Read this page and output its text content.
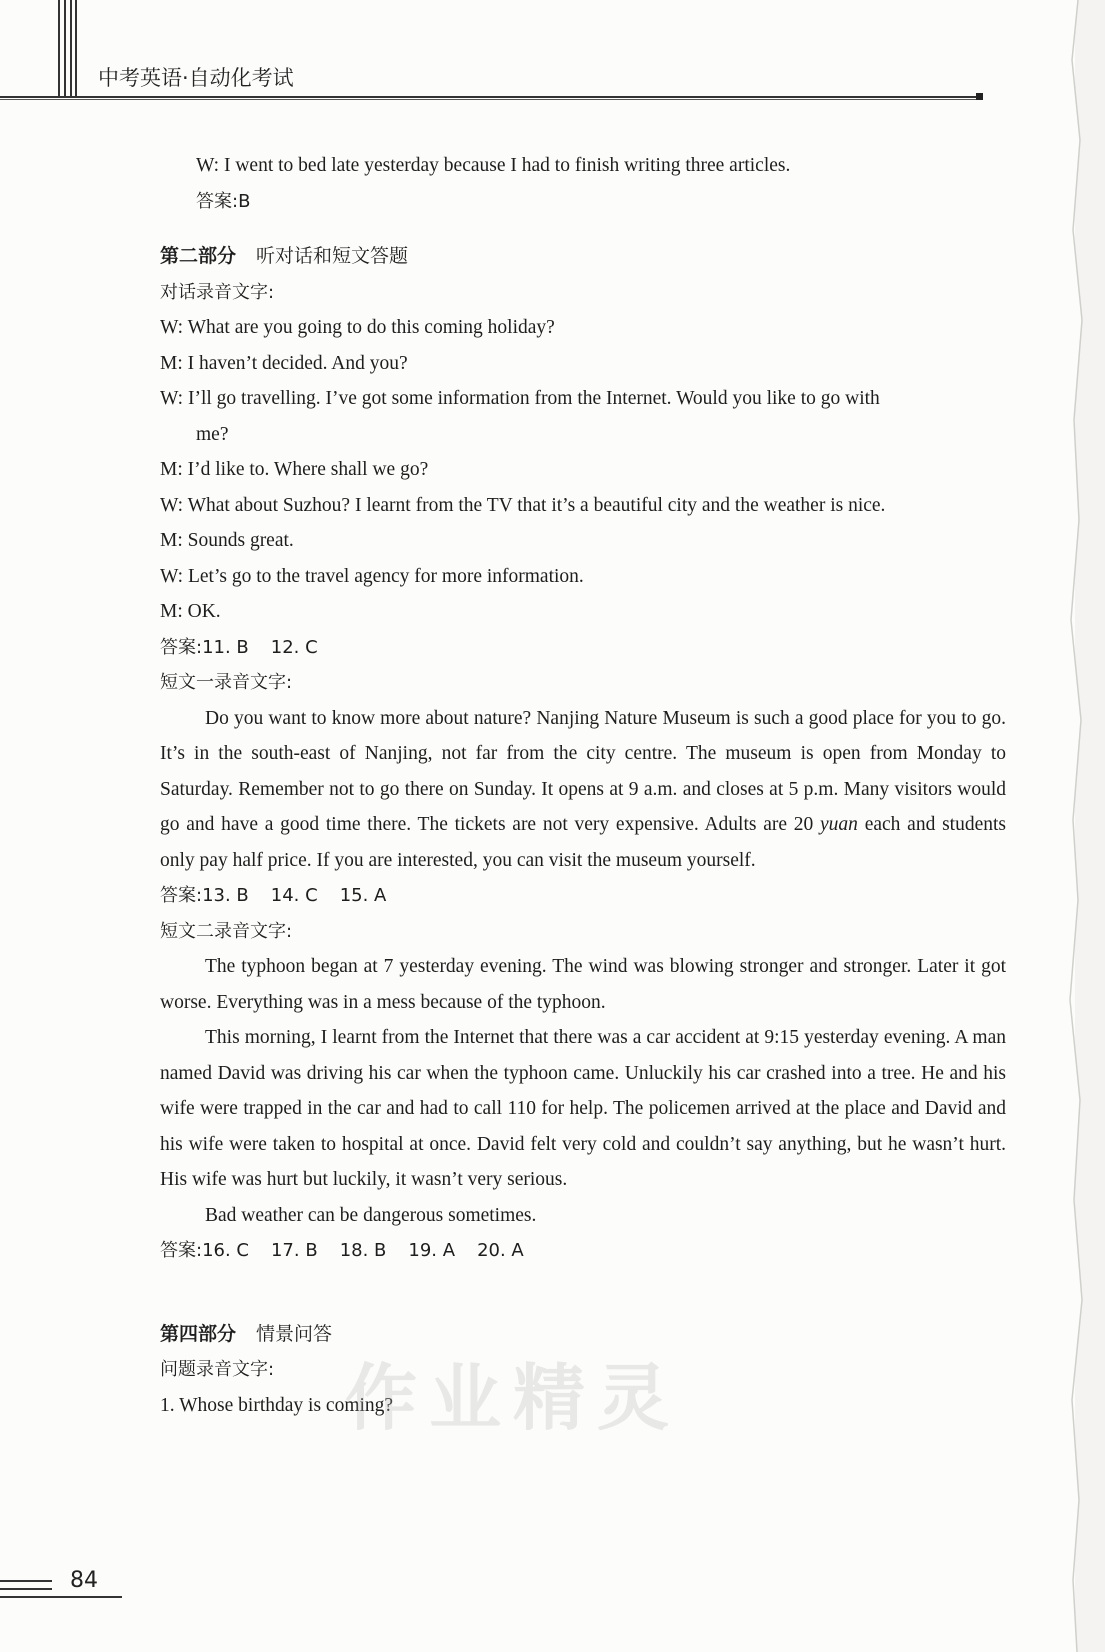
中考英语·自动化考试

W: I went to bed late yesterday because I had to finish writing three articles.

答案:B

第二部分 听对话和短文答题

对话录音文字:

W: What are you going to do this coming holiday?

M: I haven’t decided. And you?

W: I’ll go travelling. I’ve got some information from the Internet. Would you like to go with

me?

M: I’d like to. Where shall we go?

W: What about Suzhou? I learnt from the TV that it’s a beautiful city and the weather is nice.

M: Sounds great.

W: Let’s go to the travel agency for more information.

M: OK.

答案:11. B 12. C

短文一录音文字:

Do you want to know more about nature? Nanjing Nature Museum is such a good place for you to go. It’s in the south-east of Nanjing, not far from the city centre. The museum is open from Monday to Saturday. Remember not to go there on Sunday. It opens at 9 a.m. and closes at 5 p.m. Many visitors would go and have a good time there. The tickets are not very expensive. Adults are 20 yuan each and students only pay half price. If you are interested, you can visit the museum yourself.

答案:13. B 14. C 15. A

短文二录音文字:

The typhoon began at 7 yesterday evening. The wind was blowing stronger and stronger. Later it got worse. Everything was in a mess because of the typhoon.

This morning, I learnt from the Internet that there was a car accident at 9:15 yesterday evening. A man named David was driving his car when the typhoon came. Unluckily his car crashed into a tree. He and his wife were trapped in the car and had to call 110 for help. The policemen arrived at the place and David and his wife were taken to hospital at once. David felt very cold and couldn’t say anything, but he wasn’t hurt. His wife was hurt but luckily, it wasn’t very serious.

Bad weather can be dangerous sometimes.

答案:16. C 17. B 18. B 19. A 20. A

第四部分 情景问答

问题录音文字:

1. Whose birthday is coming?

作业精灵
84
